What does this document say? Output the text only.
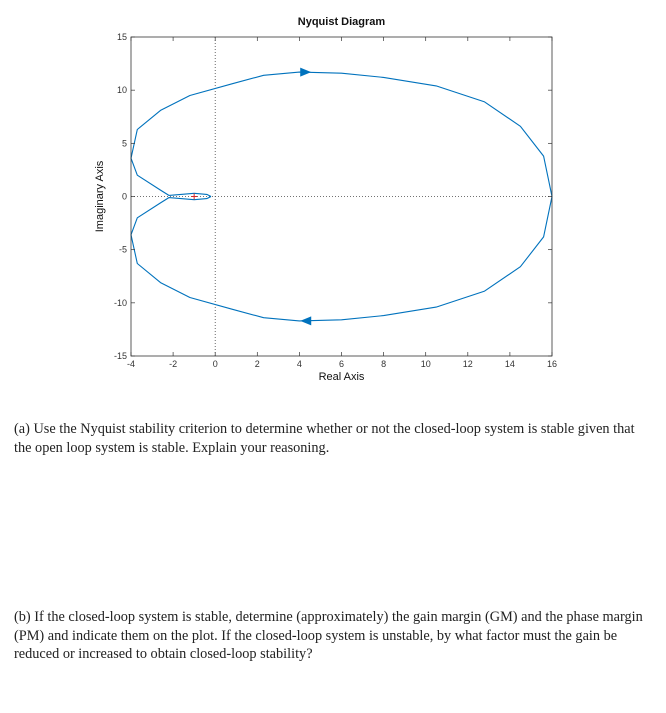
-4	-2	0	2	4	6	8	10	12	14	16
-15
-10
-5
0
5
10
15
Nyquist Diagram
Real Axis
Imaginary Axis

(a) Use the Nyquist stability criterion to determine whether or not the closed-loop system is stable given that the open loop system is stable. Explain your reasoning.

(b) If the closed-loop system is stable, determine (approximately) the gain margin (GM) and the phase margin (PM) and indicate them on the plot. If the closed-loop system is unstable, by what factor must the gain be reduced or increased to obtain closed-loop stability?
